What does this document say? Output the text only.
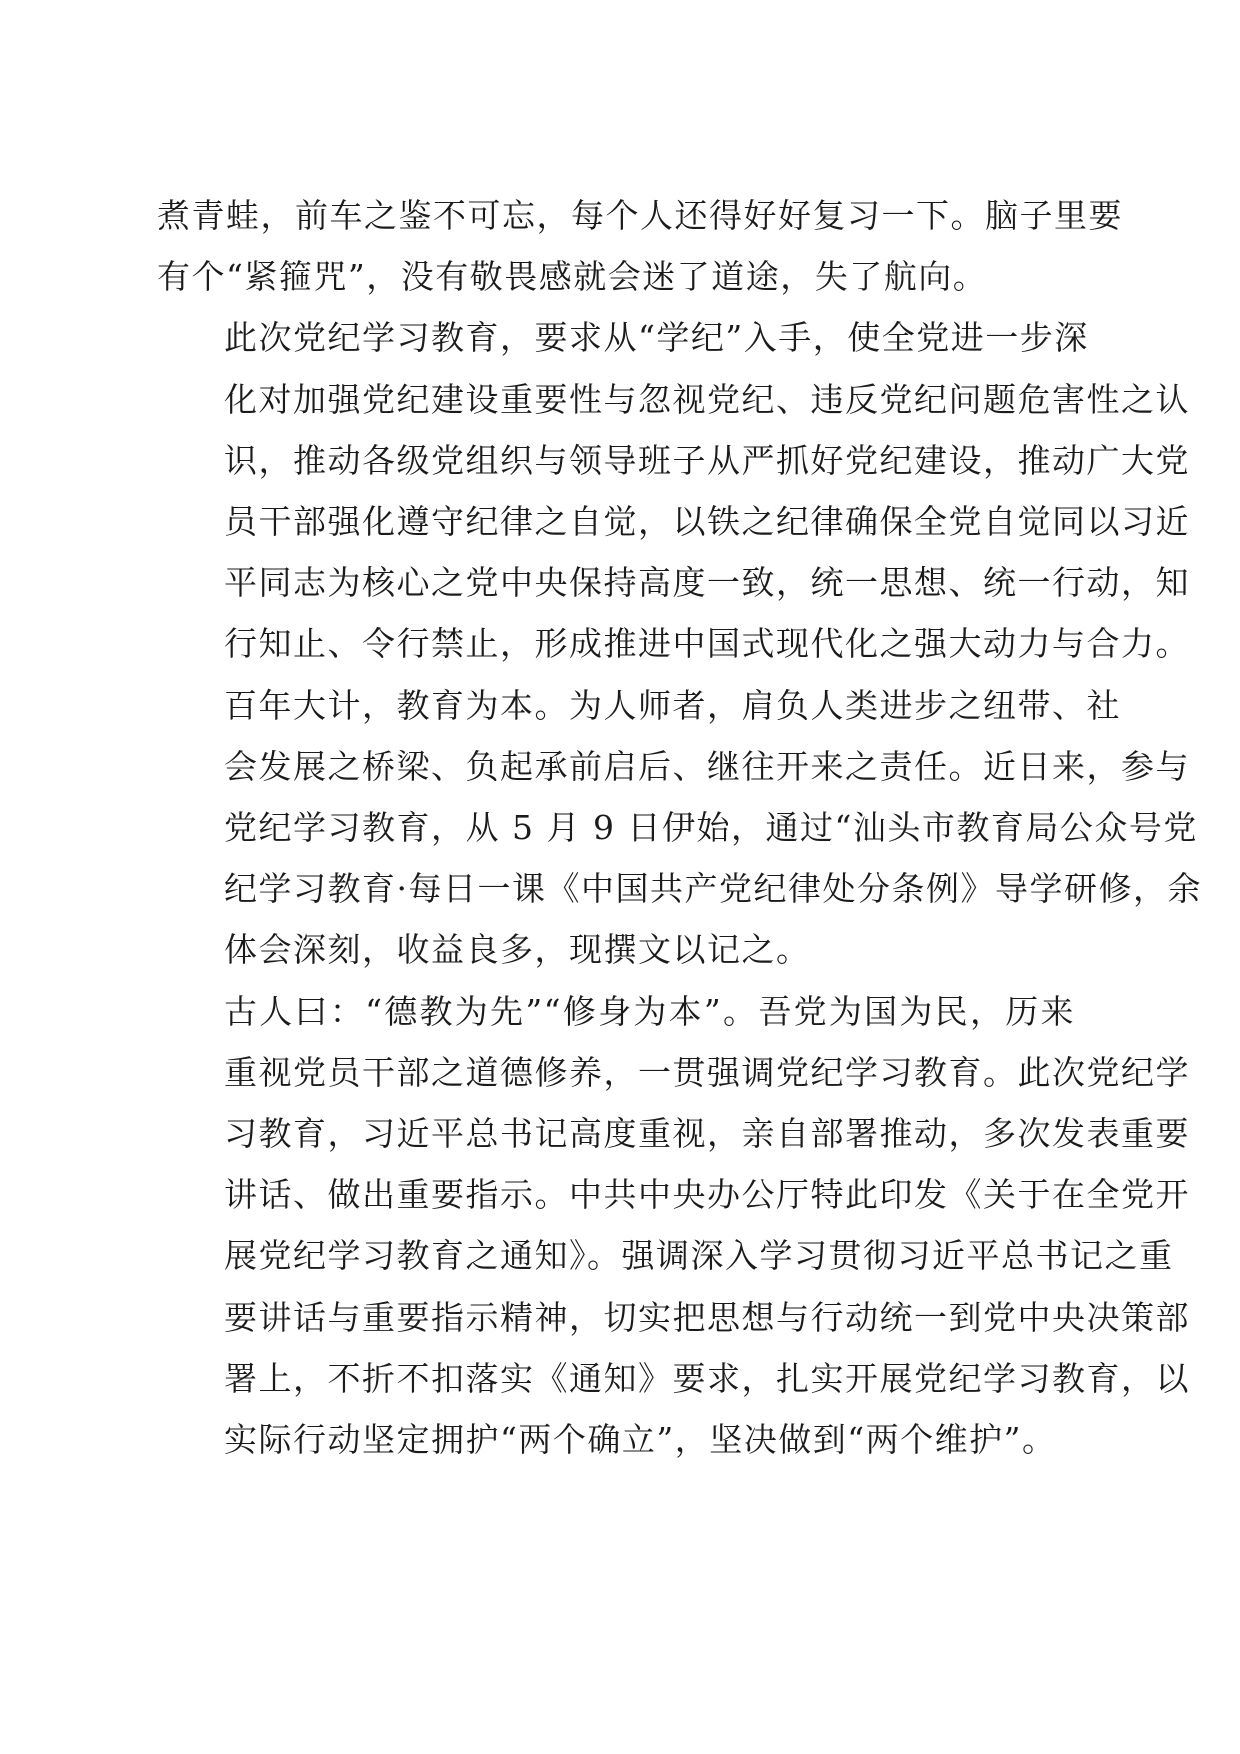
煮青蛙，前车之鉴不可忘，每个人还得好好复习一下。脑子里要
有个“紧箍咒”，没有敬畏感就会迷了道途，失了航向。

此次党纪学习教育，要求从“学纪”入手，使全党进一步深
化对加强党纪建设重要性与忽视党纪、违反党纪问题危害性之认
识，推动各级党组织与领导班子从严抓好党纪建设，推动广大党
员干部强化遵守纪律之自觉，以铁之纪律确保全党自觉同以习近
平同志为核心之党中央保持高度一致，统一思想、统一行动，知
行知止、令行禁止，形成推进中国式现代化之强大动力与合力。

百年大计，教育为本。为人师者，肩负人类进步之纽带、社
会发展之桥梁、负起承前启后、继往开来之责任。近日来，参与
党纪学习教育，从 5 月 9 日伊始，通过“汕头市教育局公众号党
纪学习教育·每日一课《中国共产党纪律处分条例》导学研修，余
体会深刻，收益良多，现撰文以记之。

古人曰：“德教为先”“修身为本”。吾党为国为民，历来
重视党员干部之道德修养，一贯强调党纪学习教育。此次党纪学
习教育，习近平总书记高度重视，亲自部署推动，多次发表重要
讲话、做出重要指示。中共中央办公厅特此印发《关于在全党开
展党纪学习教育之通知》。强调深入学习贯彻习近平总书记之重
要讲话与重要指示精神，切实把思想与行动统一到党中央决策部
署上，不折不扣落实《通知》要求，扎实开展党纪学习教育，以
实际行动坚定拥护“两个确立”，坚决做到“两个维护”。
